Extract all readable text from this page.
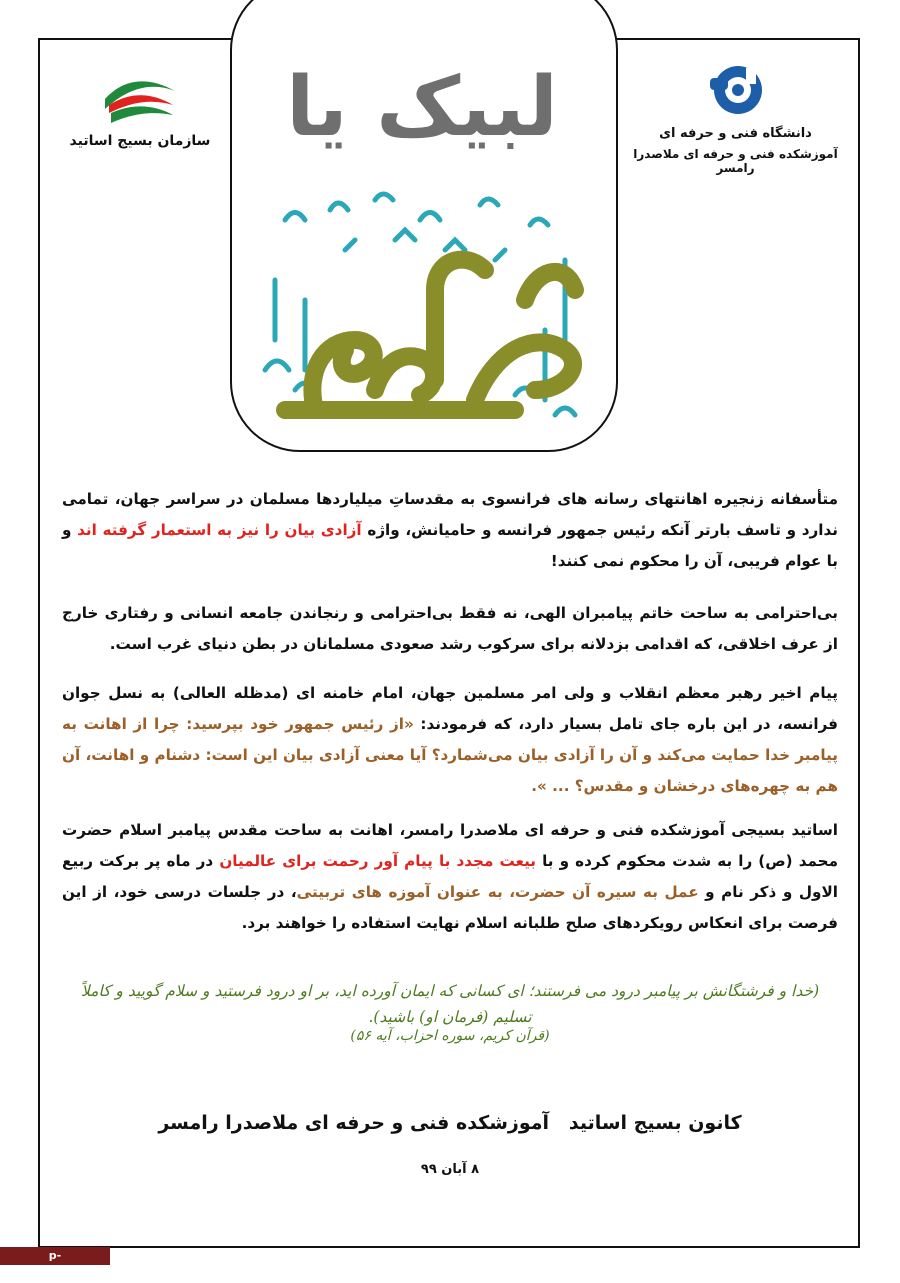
لبیک یا
سازمان بسیج اساتید	دانشگاه فنی و حرفه ای
آموزشکده فنی و حرفه ای ملاصدرا رامسر
متأسفانه زنجیره اهانتهای رسانه های فرانسوی به مقدساتِ میلیاردها مسلمان در سراسر جهان، تمامی ندارد و تاسف بارتر آنکه رئیس جمهور فرانسه و حامیانش، واژه آزادی بیان را نیز به استعمار گرفته اند و با عوام فریبی، آن را محکوم نمی کنند!
بی‌احترامی به ساحت خاتم پیامبران الهی، نه فقط بی‌احترامی و رنجاندن جامعه انسانی و رفتاری خارج از عرف اخلاقی، که اقدامی بزدلانه برای سرکوب رشد صعودی مسلمانان در بطن دنیای غرب است.
پیام اخیر رهبر معظم انقلاب و ولی امر مسلمین جهان، امام خامنه ای (مدظله العالی) به نسل جوان فرانسه، در این باره جای تامل بسیار دارد، که فرمودند: «از رئیس جمهور خود بپرسید: چرا از اهانت به پیامبر خدا حمایت می‌کند و آن را آزادی بیان می‌شمارد؟ آیا معنی آزادی بیان این است: دشنام و اهانت، آن هم به چهره‌های درخشان و مقدس؟ ... ».
اساتید بسیجی آموزشکده فنی و حرفه ای ملاصدرا رامسر، اهانت به ساحت مقدس پیامبر اسلام حضرت محمد (ص) را به شدت محکوم کرده و با بیعت مجدد با پیام آور رحمت برای عالمیان در ماه پر برکت ربیع الاول و ذکر نام و عمل به سیره آن حضرت، به عنوان آموزه های تربیتی، در جلسات درسی خود، از این فرصت برای انعکاس رویکردهای صلح طلبانه اسلام نهایت استفاده را خواهند برد.
(خدا و فرشتگانش بر پیامبر درود می فرستند؛ ای کسانی که ایمان آورده اید، بر او درود فرستید و سلام گویید و کاملاً تسلیم (فرمان او) باشید).
(قرآن کریم، سوره احزاب، آیه ۵۶)
کانون بسیج اساتید   آموزشکده فنی و حرفه ای ملاصدرا رامسر
۸ آبان ۹۹
p-ramsar.nus.ac.ir
